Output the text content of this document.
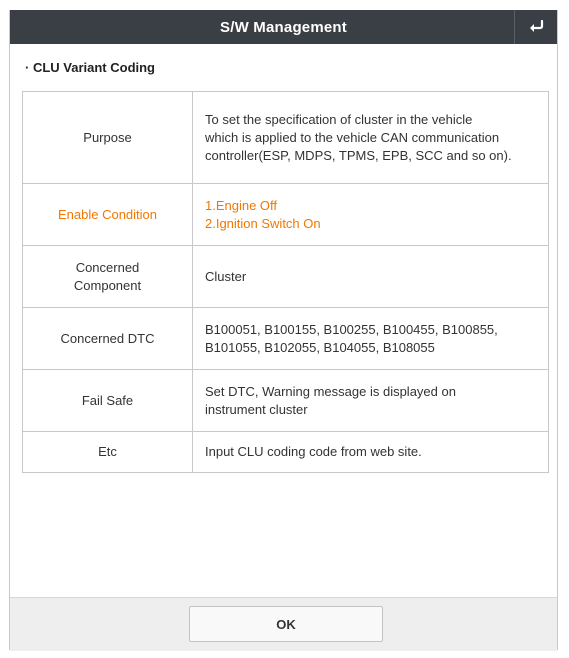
S/W Management
· CLU Variant Coding
Purpose	To set the specification of cluster in the vehicle
which is applied to the vehicle CAN communication
controller(ESP, MDPS, TPMS, EPB, SCC and so on).

Enable Condition	1.Engine Off
2.Ignition Switch On

Concerned
Component	Cluster

Concerned DTC	B100051, B100155, B100255, B100455, B100855,
B101055, B102055, B104055, B108055

Fail Safe	Set DTC, Warning message is displayed on
instrument cluster

Etc	Input CLU coding code from web site.
OK
